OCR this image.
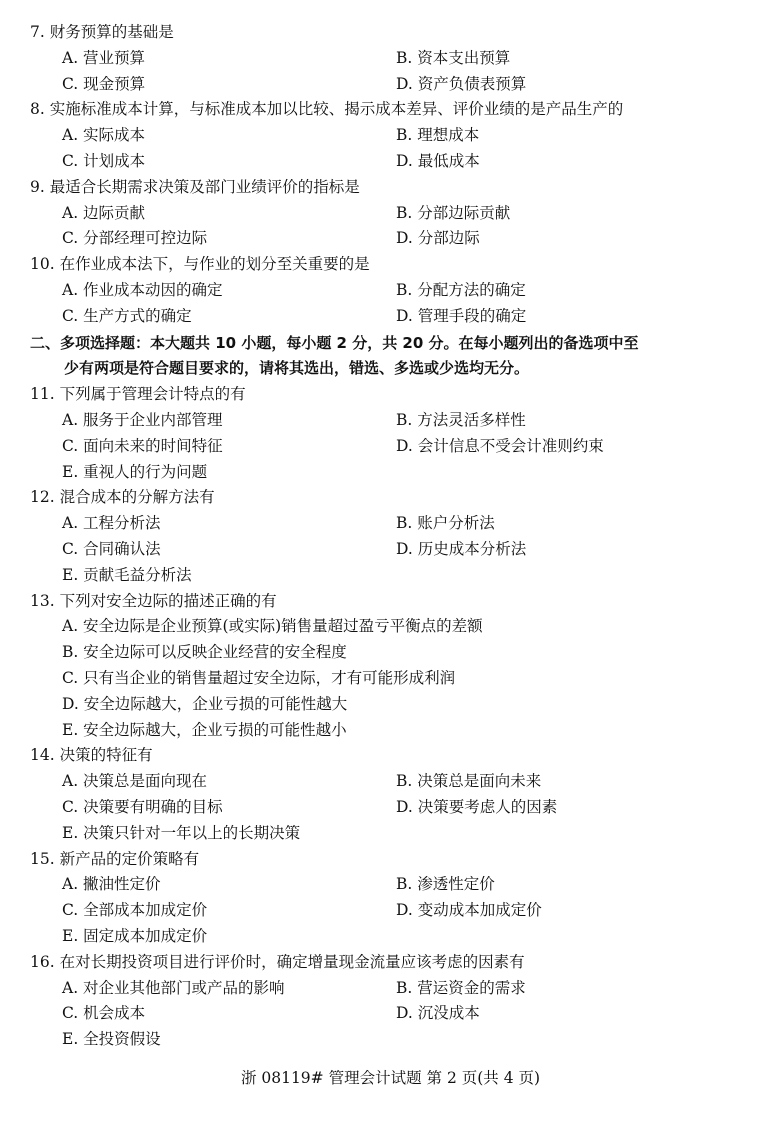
7. 财务预算的基础是
A. 营业预算	B. 资本支出预算
C. 现金预算	D. 资产负债表预算
8. 实施标准成本计算，与标准成本加以比较、揭示成本差异、评价业绩的是产品生产的
A. 实际成本	B. 理想成本
C. 计划成本	D. 最低成本
9. 最适合长期需求决策及部门业绩评价的指标是
A. 边际贡献	B. 分部边际贡献
C. 分部经理可控边际	D. 分部边际
10. 在作业成本法下，与作业的划分至关重要的是
A. 作业成本动因的确定	B. 分配方法的确定
C. 生产方式的确定	D. 管理手段的确定
二、多项选择题：本大题共 10 小题，每小题 2 分，共 20 分。在每小题列出的备选项中至
少有两项是符合题目要求的，请将其选出，错选、多选或少选均无分。
11. 下列属于管理会计特点的有
A. 服务于企业内部管理	B. 方法灵活多样性
C. 面向未来的时间特征	D. 会计信息不受会计准则约束
E. 重视人的行为问题
12. 混合成本的分解方法有
A. 工程分析法	B. 账户分析法
C. 合同确认法	D. 历史成本分析法
E. 贡献毛益分析法
13. 下列对安全边际的描述正确的有
A. 安全边际是企业预算(或实际)销售量超过盈亏平衡点的差额
B. 安全边际可以反映企业经营的安全程度
C. 只有当企业的销售量超过安全边际，才有可能形成利润
D. 安全边际越大，企业亏损的可能性越大
E. 安全边际越大，企业亏损的可能性越小
14. 决策的特征有
A. 决策总是面向现在	B. 决策总是面向未来
C. 决策要有明确的目标	D. 决策要考虑人的因素
E. 决策只针对一年以上的长期决策
15. 新产品的定价策略有
A. 撇油性定价	B. 渗透性定价
C. 全部成本加成定价	D. 变动成本加成定价
E. 固定成本加成定价
16. 在对长期投资项目进行评价时，确定增量现金流量应该考虑的因素有
A. 对企业其他部门或产品的影响	B. 营运资金的需求
C. 机会成本	D. 沉没成本
E. 全投资假设
浙 08119# 管理会计试题 第 2 页(共 4 页)
